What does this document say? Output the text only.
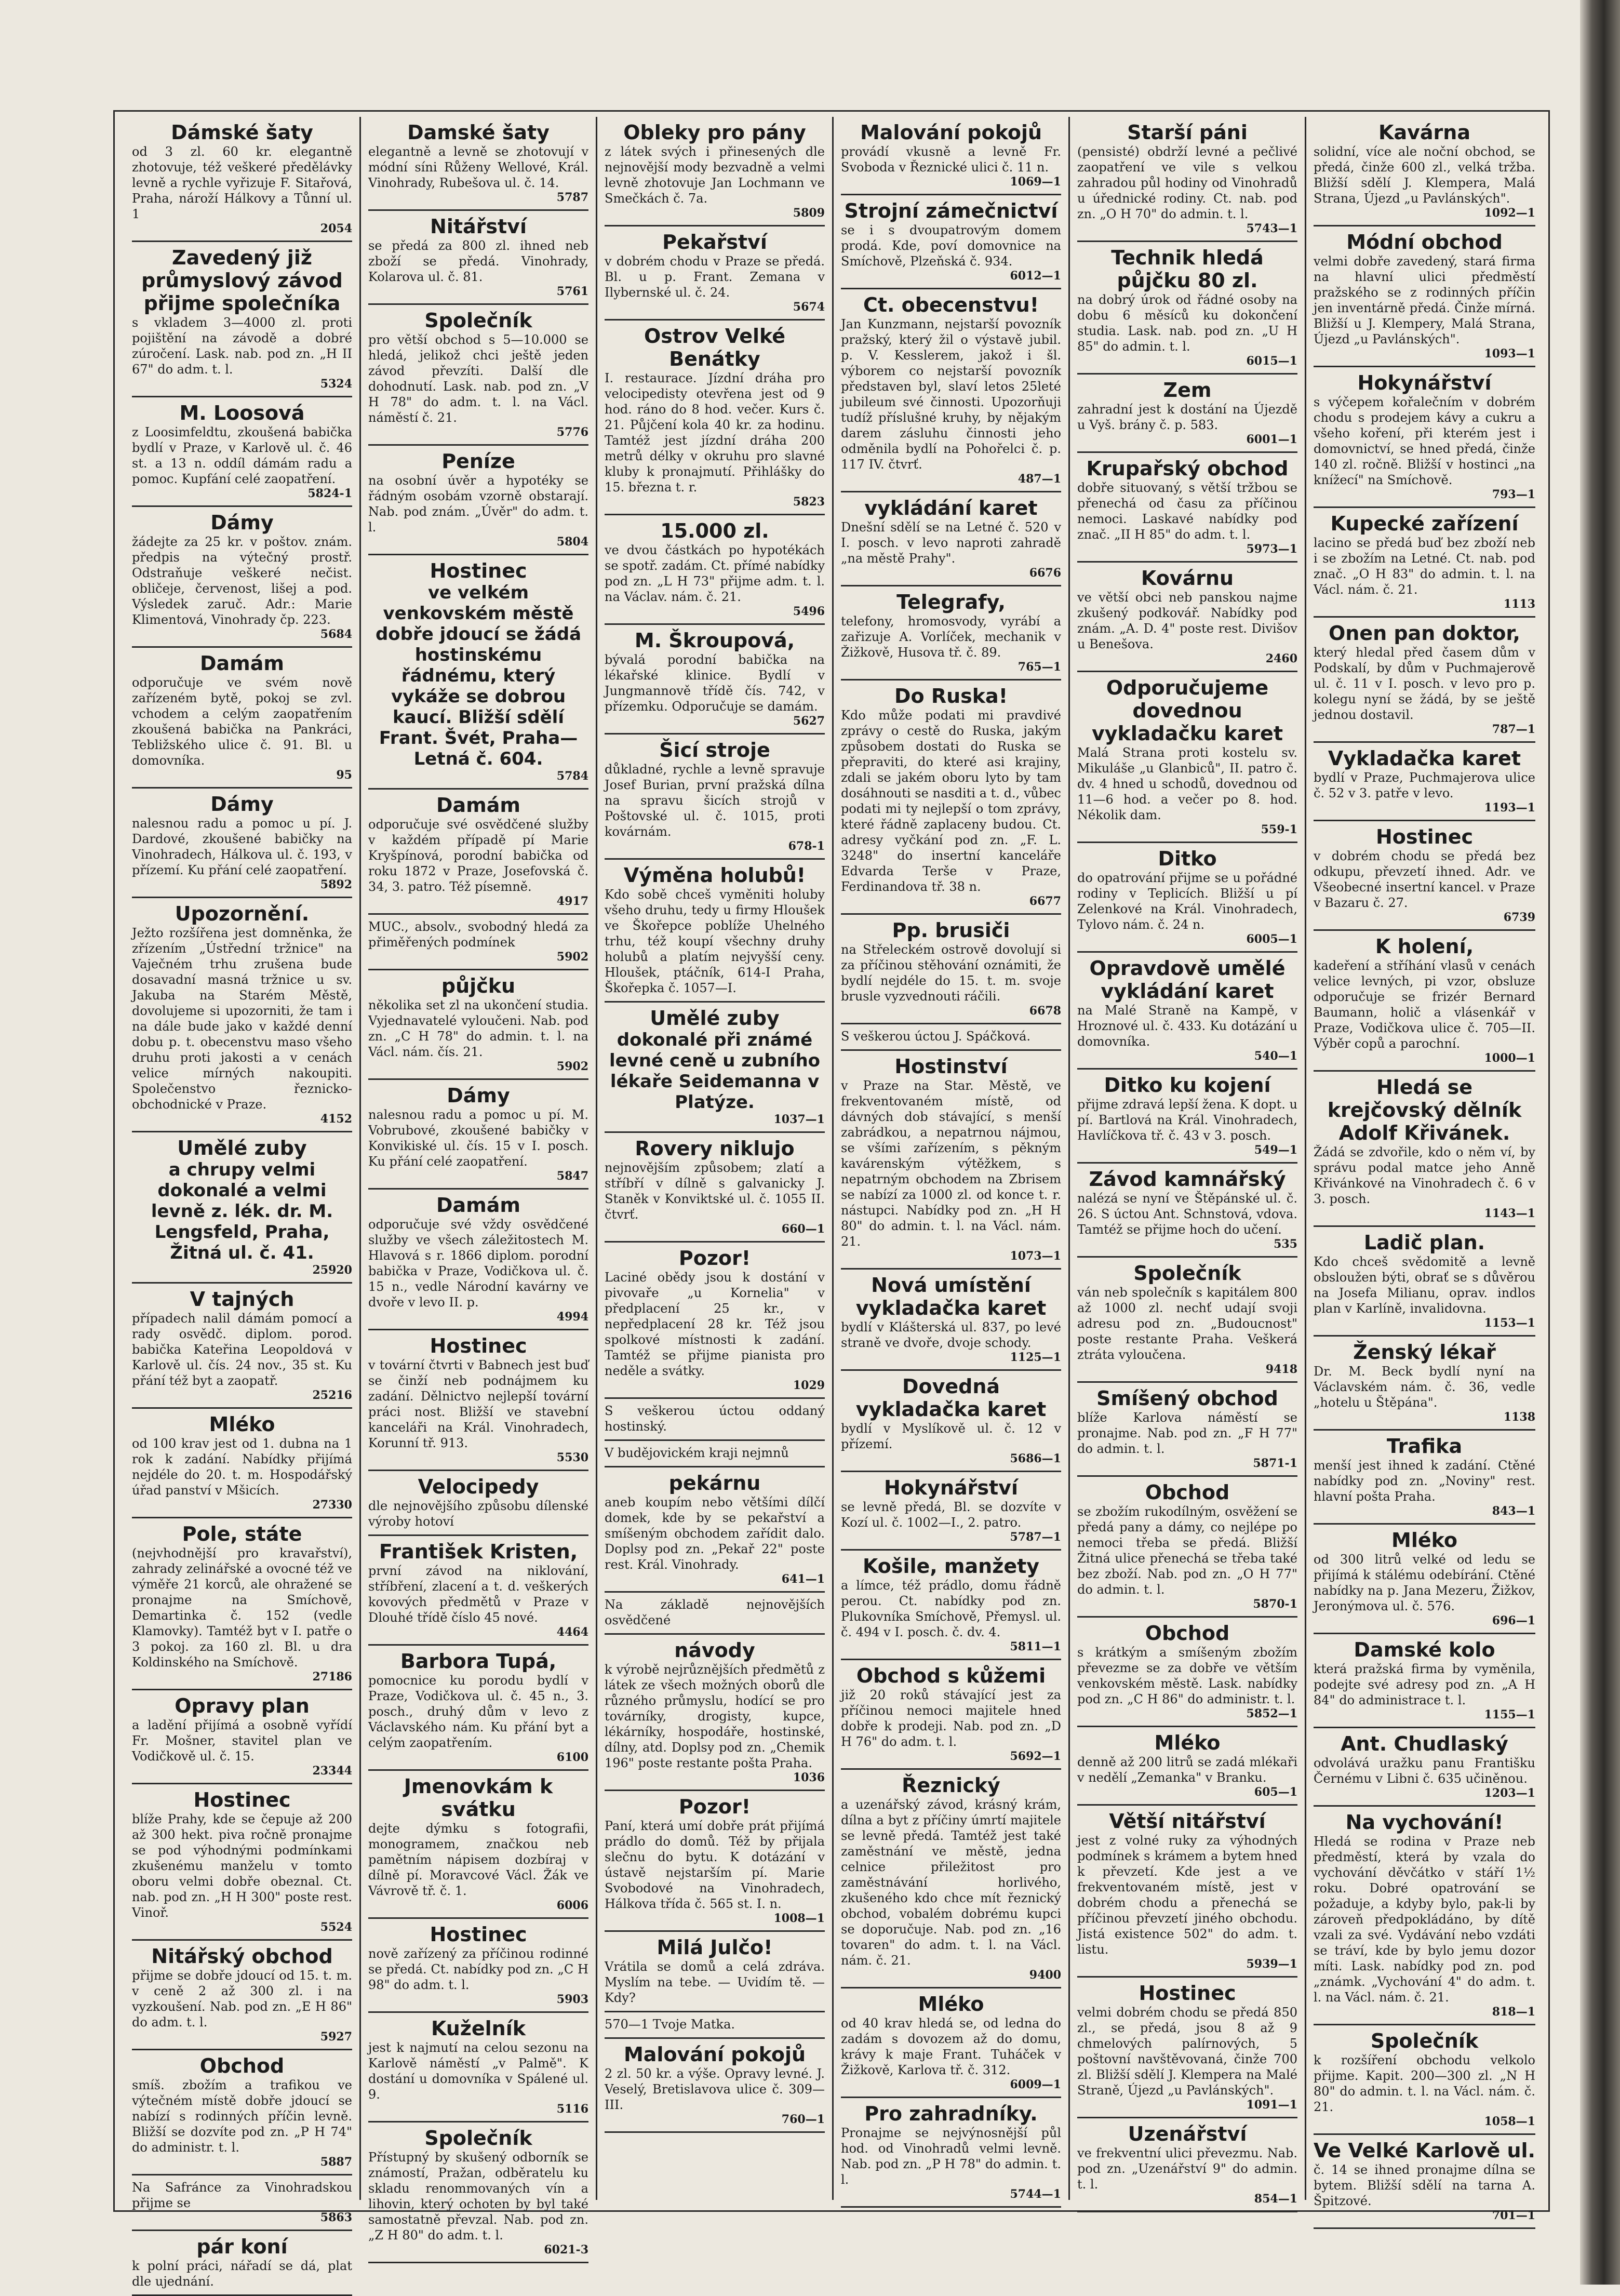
Dámské šaty
od 3 zl. 60 kr. elegantně zhotovuje, též veškeré předělávky levně a rychle vyřizuje F. Sitařová, Praha, nároží Hálkovy a Tůnní ul. 1
2054
Zavedený již průmyslový závod přijme společníka
s vkladem 3—4000 zl. proti pojištění na závodě a dobré zúročení. Lask. nab. pod zn. „H II 67" do adm. t. l.
5324
M. Loosová
z Loosimfeldtu, zkoušená babička bydlí v Praze, v Karlově ul. č. 46 st. a 13 n. oddíl dámám radu a pomoc. Kupfání celé zaopatření.
5824-1
Dámy
žádejte za 25 kr. v poštov. znám. předpis na výtečný prostř. Odstraňuje veškeré nečist. obličeje, červenost, lišej a pod. Výsledek zaruč. Adr.: Marie Klimentová, Vinohrady čp. 223.
5684
Damám
odporučuje ve svém nově zařízeném bytě, pokoj se zvl. vchodem a celým zaopatřením zkoušená babička na Pankráci, Tebližského ulice č. 91. Bl. u domovníka.
95
Dámy
nalesnou radu a pomoc u pí. J. Dardové, zkoušené babičky na Vinohradech, Hálkova ul. č. 193, v přízemí. Ku přání celé zaopatření.
5892
Upozornění.
Ježto rozšířena jest domněnka, že zřízením „Ústřední tržnice" na Vaječném trhu zrušena bude dosavadní masná tržnice u sv. Jakuba na Starém Městě, dovolujeme si upozorniti, že tam i na dále bude jako v každé denní dobu p. t. obecenstvu maso všeho druhu proti jakosti a v cenách velice mírných nakoupiti. Společenstvo řeznicko-obchodnické v Praze.
4152
Umělé zuby
a chrupy velmi dokonalé a velmi levně z. lék. dr. M. Lengsfeld, Praha, Žitná ul. č. 41.
25920
V tajných
případech nalil dámám pomocí a rady osvědč. diplom. porod. babička Kateřina Leopoldová v Karlově ul. čís. 24 nov., 35 st. Ku přání též byt a zaopatř.
25216
Mléko
od 100 krav jest od 1. dubna na 1 rok k zadání. Nabídky přijímá nejdéle do 20. t. m. Hospodářský úřad panství v Mšicích.
27330
Pole, státe
(nejvhodnější pro kravařství), zahrady zelinářské a ovocné též ve výměře 21 korců, ale ohražené se pronajme na Smíchově, Demartinka č. 152 (vedle Klamovky). Tamtéž byt v I. patře o 3 pokoj. za 160 zl. Bl. u dra Koldinského na Smíchově.
27186
Opravy plan
a ladění přijímá a osobně vyřídí Fr. Mošner, stavitel plan ve Vodičkově ul. č. 15.
23344
Hostinec
blíže Prahy, kde se čepuje až 200 až 300 hekt. piva ročně pronajme se pod výhodnými podmínkami zkušenému manželu v tomto oboru velmi dobře obeznal. Ct. nab. pod zn. „H H 300" poste rest. Vinoř.
5524
Nitářský obchod
přijme se dobře jdoucí od 15. t. m. v ceně 2 až 300 zl. i na vyzkoušení. Nab. pod zn. „E H 86" do adm. t. l.
5927
Obchod
smíš. zbožím a trafikou ve výtečném místě dobře jdoucí se nabízí s rodinných příčin levně. Bližší se dozvíte pod zn. „P H 74" do administr. t. l.
5887
Na Safránce za Vinohradskou přijme se
5863
pár koní
k polní práci, nářadí se dá, plat dle ujednání.
Damské šaty
elegantně a levně se zhotovují v módní síni Růženy Wellové, Král. Vinohrady, Rubešova ul. č. 14.
5787
Nitářství
se předá za 800 zl. ihned neb zboží se předá. Vinohrady, Kolarova ul. č. 81.
5761
Společník
pro větší obchod s 5—10.000 se hledá, jelikož chci ještě jeden závod převzíti. Další dle dohodnutí. Lask. nab. pod zn. „V H 78" do adm. t. l. na Václ. náměstí č. 21.
5776
Peníze
na osobní úvěr a hypotéky se řádným osobám vzorně obstarají. Nab. pod znám. „Úvěr" do adm. t. l.
5804
Hostinec
ve velkém venkovském městě dobře jdoucí se žádá hostinskému řádnému, který vykáže se dobrou kaucí. Bližší sdělí Frant. Švét, Praha—Letná č. 604.
5784
Damám
odporučuje své osvědčené služby v každém případě pí Marie Kryšpínová, porodní babička od roku 1872 v Praze, Josefovská č. 34, 3. patro. Též písemně.
4917
MUC., absolv., svobodný hledá za přiměřených podmínek
5902
půjčku
několika set zl na ukončení studia. Vyjednavatelé vyloučeni. Nab. pod zn. „C H 78" do admin. t. l. na Václ. nám. čís. 21.
5902
Dámy
nalesnou radu a pomoc u pí. M. Vobrubové, zkoušené babičky v Konvikiské ul. čís. 15 v I. posch. Ku přání celé zaopatření.
5847
Damám
odporučuje své vždy osvědčené služby ve všech záležitostech M. Hlavová s r. 1866 diplom. porodní babička v Praze, Vodičkova ul. č. 15 n., vedle Národní kavárny ve dvoře v levo II. p.
4994
Hostinec
v tovární čtvrti v Babnech jest buď se činží neb podnájmem ku zadání. Dělnictvo nejlepší tovární práci nost. Bližší ve stavební kanceláři na Král. Vinohradech, Korunní tř. 913.
5530
Velocipedy
dle nejnovějšího způsobu dílenské výroby hotoví
František Kristen,
první závod na niklování, stříbření, zlacení a t. d. veškerých kovových předmětů v Praze v Dlouhé třídě číslo 45 nové.
4464
Barbora Tupá,
pomocnice ku porodu bydlí v Praze, Vodičkova ul. č. 45 n., 3. posch., druhý dům v levo z Václavského nám. Ku přání byt a celým zaopatřením.
6100
Jmenovkám k svátku
dejte dýmku s fotografii, monogramem, značkou neb pamětním nápisem dozbíraj v dílně pí. Moravcové Václ. Žák ve Vávrově tř. č. 1.
6006
Hostinec
nově zařízený za příčinou rodinné se předá. Ct. nabídky pod zn. „C H 98" do adm. t. l.
5903
Kuželník
jest k najmutí na celou sezonu na Karlově náměstí „v Palmě". K dostání u domovníka v Spálené ul. 9.
5116
Společník
Přístupný by skušený odborník se známostí, Pražan, odběratelu ku skladu renommovaných vín a lihovin, který ochoten by byl také samostatně převzal. Nab. pod zn. „Z H 80" do adm. t. l.
6021-3
Obleky pro pány
z látek svých i přinesených dle nejnovější mody bezvadně a velmi levně zhotovuje Jan Lochmann ve Smečkách č. 7a.
5809
Pekařství
v dobrém chodu v Praze se předá. Bl. u p. Frant. Zemana v Ilybernské ul. č. 24.
5674
Ostrov Velké Benátky
I. restaurace. Jízdní dráha pro velocipedisty otevřena jest od 9 hod. ráno do 8 hod. večer. Kurs č. 21. Půjčení kola 40 kr. za hodinu. Tamtéž jest jízdní dráha 200 metrů délky v okruhu pro slavné kluby k pronajmutí. Přihlášky do 15. března t. r.
5823
15.000 zl.
ve dvou částkách po hypotékách se spotř. zadám. Ct. přímé nabídky pod zn. „L H 73" přijme adm. t. l. na Václav. nám. č. 21.
5496
M. Škroupová,
bývalá porodní babička na lékařské klinice. Bydlí v Jungmannově třídě čís. 742, v přízemku. Odporučuje se damám.
5627
Šicí stroje
důkladné, rychle a levně spravuje Josef Burian, první pražská dílna na spravu šicích strojů v Poštovské ul. č. 1015, proti kovárnám.
678-1
Výměna holubů!
Kdo sobě chceš vyměniti holuby všeho druhu, tedy u firmy Hloušek ve Škořepce poblíže Uhelného trhu, též koupí všechny druhy holubů a platím nejvyšší ceny. Hloušek, ptáčník, 614-I Praha, Škořepka č. 1057—I.
Umělé zuby
dokonalé při známé levné ceně u zubního lékaře Seidemanna v Platýze.
1037—1
Rovery niklujo
nejnovějším způsobem; zlatí a stříbří v dílně s galvanicky J. Staněk v Konviktské ul. č. 1055 II. čtvrť.
660—1
Pozor!
Laciné obědy jsou k dostání v pivovaře „u Kornelia" v předplacení 25 kr., v nepředplacení 28 kr. Též jsou spolkové místnosti k zadání. Tamtéž se přijme pianista pro neděle a svátky.
1029
S veškerou úctou oddaný hostinský.
V budějovickém kraji nejmnů
pekárnu
aneb koupím nebo většími dílčí domek, kde by se pekařství a smíšeným obchodem zařídit dalo. Doplsy pod zn. „Pekař 22" poste rest. Král. Vinohrady.
641—1
Na základě nejnovějších osvědčené
návody
k výrobě nejrůznějších předmětů z látek ze všech možných oborů dle různého průmyslu, hodící se pro továrníky, drogisty, kupce, lékárníky, hospodáře, hostinské, dílny, atd. Doplsy pod zn. „Chemik 196" poste restante pošta Praha.
1036
Pozor!
Paní, která umí dobře prát přijímá prádlo do domů. Též by přijala slečnu do bytu. K dotázání v ústavě nejstarším pí. Marie Svobodové na Vinohradech, Hálkova třída č. 565 st. I. n.
1008—1
Milá Julčo!
Vrátila se domů a celá zdráva. Myslím na tebe. — Uvidím tě. — Kdy?
570—1 Tvoje Matka.
Malování pokojů
2 zl. 50 kr. a výše. Opravy levné. J. Veselý, Bretislavova ulice č. 309—III.
760—1
Malování pokojů
provádí vkusně a levně Fr. Svoboda v Řeznické ulici č. 11 n.
1069—1
Strojní zámečnictví
se i s dvoupatrovým domem prodá. Kde, poví domovnice na Smíchově, Plzeňská č. 934.
6012—1
Ct. obecenstvu!
Jan Kunzmann, nejstarší povozník pražský, který žil o výstavě jubil. p. V. Kesslerem, jakož i šl. výborem co nejstarší povozník představen byl, slaví letos 25leté jubileum své činnosti. Upozorňuji tudíž příslušné kruhy, by nějakým darem zásluhu činnosti jeho odměnila bydlí na Pohořelci č. p. 117 IV. čtvrť.
487—1
vykládání karet
Dnešní sdělí se na Letné č. 520 v I. posch. v levo naproti zahradě „na městě Prahy".
6676
Telegrafy,
telefony, hromosvody, vyrábí a zařizuje A. Vorlíček, mechanik v Žižkově, Husova tř. č. 89.
765—1
Do Ruska!
Kdo může podati mi pravdivé zprávy o cestě do Ruska, jakým způsobem dostati do Ruska se přepraviti, do které asi krajiny, zdali se jakém oboru lyto by tam dosáhnouti se nasditi a t. d., vůbec podati mi ty nejlepší o tom zprávy, které řádně zaplaceny budou. Ct. adresy vyčkání pod zn. „F. L. 3248" do insertní kanceláře Edvarda Terše v Praze, Ferdinandova tř. 38 n.
6677
Pp. brusiči
na Střeleckém ostrově dovolují si za příčinou stěhování oznámiti, že bydlí nejdéle do 15. t. m. svoje brusle vyzvednouti ráčili.
6678
S veškerou úctou J. Spáčková.
Hostinství
v Praze na Star. Městě, ve frekventovaném místě, od dávných dob stávající, s menší zabrádkou, a nepatrnou nájmou, se všími zařízením, s pěkným kavárenským výtěžkem, s nepatrným obchodem na Zbrisem se nabízí za 1000 zl. od konce t. r. nástupci. Nabídky pod zn. „H H 80" do admin. t. l. na Václ. nám. 21.
1073—1
Nová umístění vykladačka karet
bydlí v Klášterská ul. 837, po levé straně ve dvoře, dvoje schody.
1125—1
Dovedná vykladačka karet
bydlí v Myslíkově ul. č. 12 v přízemí.
5686—1
Hokynářství
se levně předá, Bl. se dozvíte v Kozí ul. č. 1002—I., 2. patro.
5787—1
Košile, manžety
a límce, též prádlo, domu řádně perou. Ct. nabídky pod zn. Plukovníka Smíchově, Přemysl. ul. č. 494 v I. posch. č. dv. 4.
5811—1
Obchod s kůžemi
již 20 roků stávající jest za příčinou nemoci majitele hned dobře k prodeji. Nab. pod zn. „D H 76" do adm. t. l.
5692—1
Řeznický
a uzenářský závod, krásný krám, dílna a byt z příčiny úmrtí majitele se levně předá. Tamtéž jest také zaměstnání ve městě, jedna celnice přiležitost pro zaměstnávání horlivého, zkušeného kdo chce mít řeznický obchod, vobalém dobrému kupci se doporučuje. Nab. pod zn. „16 tovaren" do adm. t. l. na Václ. nám. č. 21.
9400
Mléko
od 40 krav hledá se, od ledna do zadám s dovozem až do domu, krávy k maje Frant. Tuháček v Žižkově, Karlova tř. č. 312.
6009—1
Pro zahradníky.
Pronajme se nejvýnosnější půl hod. od Vinohradů velmi levně. Nab. pod zn. „P H 78" do admin. t. l.
5744—1
Starší páni
(pensisté) obdrží levné a pečlivé zaopatření ve vile s velkou zahradou půl hodiny od Vinohradů u úřednické rodiny. Ct. nab. pod zn. „O H 70" do admin. t. l.
5743—1
Technik hledá půjčku 80 zl.
na dobrý úrok od řádné osoby na dobu 6 měsíců ku dokončení studia. Lask. nab. pod zn. „U H 85" do admin. t. l.
6015—1
Zem
zahradní jest k dostání na Újezdě u Vyš. brány č. p. 583.
6001—1
Krupařský obchod
dobře situovaný, s větší tržbou se přenechá od času za příčinou nemoci. Laskavé nabídky pod znač. „II H 85" do adm. t. l.
5973—1
Kovárnu
ve větší obci neb panskou najme zkušený podkovář. Nabídky pod znám. „A. D. 4" poste rest. Divišov u Benešova.
2460
Odporučujeme dovednou vykladačku karet
Malá Strana proti kostelu sv. Mikuláše „u Glanbiců", II. patro č. dv. 4 hned u schodů, dovednou od 11—6 hod. a večer po 8. hod. Nékolik dam.
559-1
Ditko
do opatrování přijme se u pořádné rodiny v Teplicích. Bližší u pí Zelenkové na Král. Vinohradech, Tylovo nám. č. 24 n.
6005—1
Opravdově umělé vykládání karet
na Malé Straně na Kampě, v Hroznové ul. č. 433. Ku dotázání u domovníka.
540—1
Ditko ku kojení
přijme zdravá lepší žena. K dopt. u pí. Bartlová na Král. Vinohradech, Havlíčkova tř. č. 43 v 3. posch.
549—1
Závod kamnářský
nalézá se nyní ve Štěpánské ul. č. 26. S úctou Ant. Schnstová, vdova. Tamtéž se přijme hoch do učení.
535
Společník
ván neb společník s kapitálem 800 až 1000 zl. nechť udají svoji adresu pod zn. „Budoucnost" poste restante Praha. Veškerá ztráta vyloučena.
9418
Smíšený obchod
blíže Karlova náměstí se pronajme. Nab. pod zn. „F H 77" do admin. t. l.
5871-1
Obchod
se zbožím rukodílným, osvěžení se předá pany a dámy, co nejlépe po nemoci třeba se předá. Bližší Žitná ulice přenechá se třeba také bez zboží. Nab. pod zn. „O H 77" do admin. t. l.
5870-1
Obchod
s krátkým a smíšeným zbožím převezme se za dobře ve větším venkovském městě. Lask. nabídky pod zn. „C H 86" do administr. t. l.
5852—1
Mléko
denně až 200 litrů se zadá mlékaři v nedělí „Zemanka" v Branku.
605—1
Větší nitářství
jest z volné ruky za výhodných podmínek s krámem a bytem hned k převzetí. Kde jest a ve frekventovaném místě, jest v dobrém chodu a přenechá se příčinou převzetí jiného obchodu. Jistá existence 502" do adm. t. listu.
5939—1
Hostinec
velmi dobrém chodu se předá 850 zl., se předá, jsou 8 až 9 chmelových palírnových, 5 poštovní navštěvovaná, činže 700 zl. Bližší sdělí J. Klempera na Malé Straně, Újezd „u Pavlánských".
1091—1
Uzenářství
ve frekventní ulici převezmu. Nab. pod zn. „Uzenářství 9" do admin. t. l.
854—1
Kavárna
solidní, více ale noční obchod, se předá, činže 600 zl., velká tržba. Bližší sdělí J. Klempera, Malá Strana, Újezd „u Pavlánských".
1092—1
Módní obchod
velmi dobře zavedený, stará firma na hlavní ulici předměstí pražského se z rodinných příčin jen inventárně předá. Činže mírná. Bližší u J. Klempery, Malá Strana, Újezd „u Pavlánských".
1093—1
Hokynářství
s výčepem kořalečním v dobrém chodu s prodejem kávy a cukru a všeho koření, při kterém jest i domovnictví, se hned předá, činže 140 zl. ročně. Bližší v hostinci „na knížecí" na Smíchově.
793—1
Kupecké zařízení
lacino se předá buď bez zboží neb i se zbožím na Letné. Ct. nab. pod znač. „O H 83" do admin. t. l. na Václ. nám. č. 21.
1113
Onen pan doktor,
který hledal před časem dům v Podskalí, by dům v Puchmajerově ul. č. 11 v I. posch. v levo pro p. kolegu nyní se žádá, by se ještě jednou dostavil.
787—1
Vykladačka karet
bydlí v Praze, Puchmajerova ulice č. 52 v 3. patře v levo.
1193—1
Hostinec
v dobrém chodu se předá bez odkupu, převzetí ihned. Adr. ve Všeobecné insertní kancel. v Praze v Bazaru č. 27.
6739
K holení,
kadeření a stříhání vlasů v cenách velice levných, pi vzor, obsluze odporučuje se frizér Bernard Baumann, holič a vlásenkář v Praze, Vodičkova ulice č. 705—II. Výběr copů a parochní.
1000—1
Hledá se krejčovský dělník Adolf Křivánek.
Žádá se zdvořile, kdo o něm ví, by správu podal matce jeho Anně Křivánkové na Vinohradech č. 6 v 3. posch.
1143—1
Ladič plan.
Kdo chceš svědomitě a levně obsloužen býti, obrať se s důvěrou na Josefa Milianu, oprav. indlos plan v Karlíně, invalidovna.
1153—1
Ženský lékař
Dr. M. Beck bydlí nyní na Václavském nám. č. 36, vedle „hotelu u Štěpána".
1138
Trafika
menší jest ihned k zadání. Ctěné nabídky pod zn. „Noviny" rest. hlavní pošta Praha.
843—1
Mléko
od 300 litrů velké od ledu se přijímá k stálému odebírání. Ctěné nabídky na p. Jana Mezeru, Žižkov, Jeronýmova ul. č. 576.
696—1
Damské kolo
která pražská firma by vyměnila, podejte své adresy pod zn. „A H 84" do administrace t. l.
1155—1
Ant. Chudlaský
odvolává uražku panu Františku Černému v Libni č. 635 učiněnou.
1203—1
Na vychování!
Hledá se rodina v Praze neb předměstí, která by vzala do vychování děvčátko v stáří 1½ roku. Dobré opatrování se požaduje, a kdyby bylo, pak-li by zároveň předpokládáno, by dítě vzali za své. Vydávání nebo vzdáti se tráví, kde by bylo jemu dozor míti. Lask. nabídky pod zn. pod „známk. „Vychování 4" do adm. t. l. na Václ. nám. č. 21.
818—1
Společník
k rozšíření obchodu velkolo přijme. Kapit. 200—300 zl. „N H 80" do admin. t. l. na Václ. nám. č. 21.
1058—1
Ve Velké Karlově ul.
č. 14 se ihned pronajme dílna se bytem. Bližší sdělí na tarna A. Špitzové.
701—1
